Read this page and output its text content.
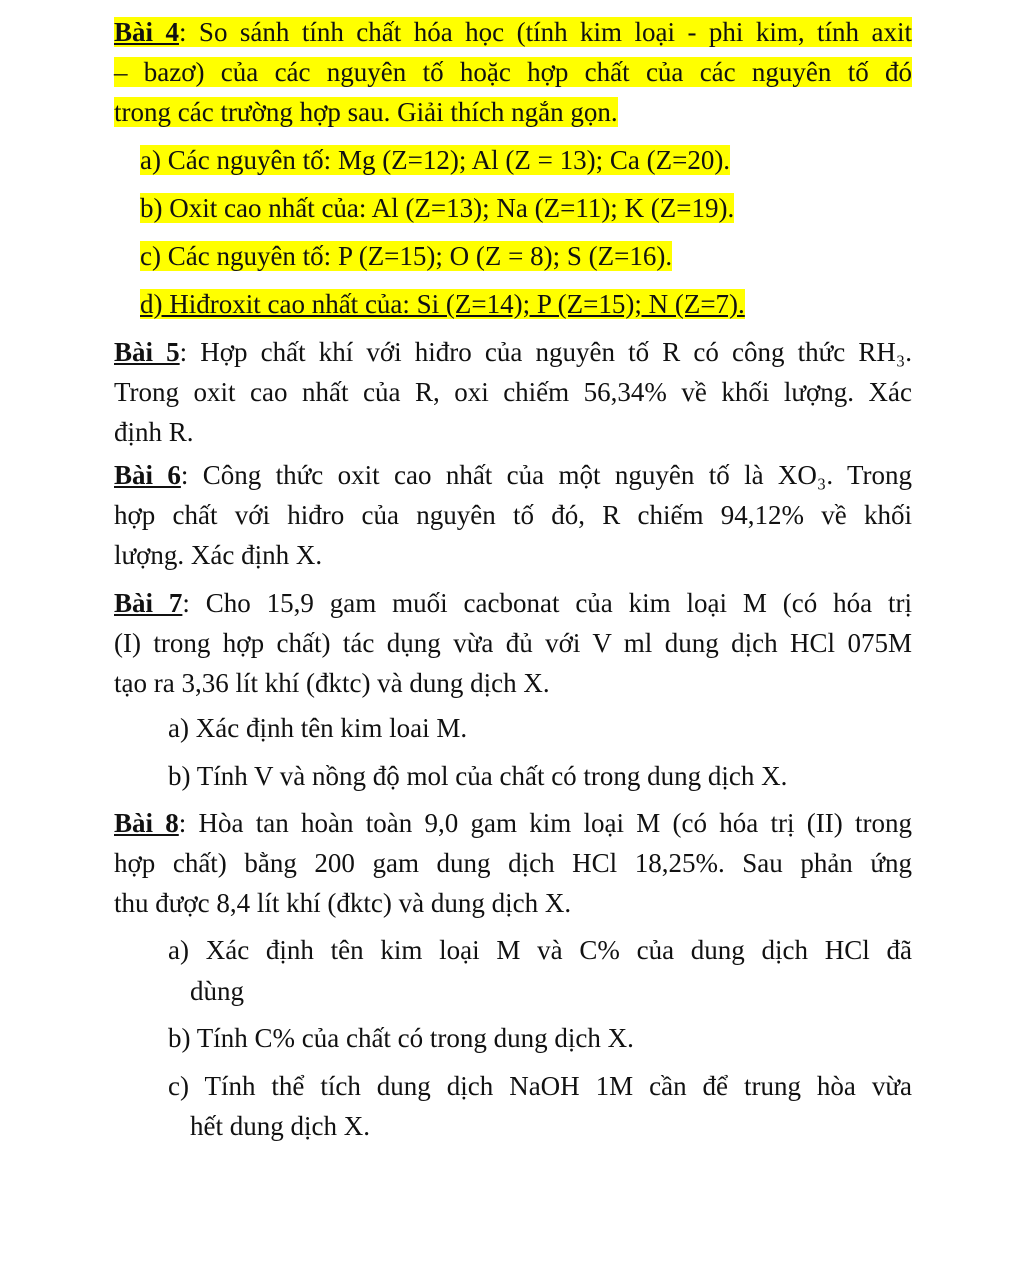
Bài 4: So sánh tính chất hóa học (tính kim loại - phi kim, tính axit
– bazơ) của các nguyên tố hoặc hợp chất của các nguyên tố đó
trong các trường hợp sau. Giải thích ngắn gọn.
a) Các nguyên tố: Mg (Z=12); Al (Z = 13); Ca (Z=20).
b) Oxit cao nhất của: Al (Z=13); Na (Z=11); K (Z=19).
c) Các nguyên tố: P (Z=15); O (Z = 8); S (Z=16).
d) Hiđroxit cao nhất của: Si (Z=14); P (Z=15); N (Z=7).
Bài 5: Hợp chất khí với hiđro của nguyên tố R có công thức RH₃.
Trong oxit cao nhất của R, oxi chiếm 56,34% về khối lượng. Xác
định R.
Bài 6: Công thức oxit cao nhất của một nguyên tố là XO₃. Trong
hợp chất với hiđro của nguyên tố đó, R chiếm 94,12% về khối
lượng. Xác định X.
Bài 7: Cho 15,9 gam muối cacbonat của kim loại M (có hóa trị
(I) trong hợp chất) tác dụng vừa đủ với V ml dung dịch HCl 075M
tạo ra 3,36 lít khí (đktc) và dung dịch X.
a) Xác định tên kim loai M.
b) Tính V và nồng độ mol của chất có trong dung dịch X.
Bài 8: Hòa tan hoàn toàn 9,0 gam kim loại M (có hóa trị (II) trong
hợp chất) bằng 200 gam dung dịch HCl 18,25%. Sau phản ứng
thu được 8,4 lít khí (đktc) và dung dịch X.
a) Xác định tên kim loại M và C% của dung dịch HCl đã
dùng
b) Tính C% của chất có trong dung dịch X.
c) Tính thể tích dung dịch NaOH 1M cần để trung hòa vừa
hết dung dịch X.
